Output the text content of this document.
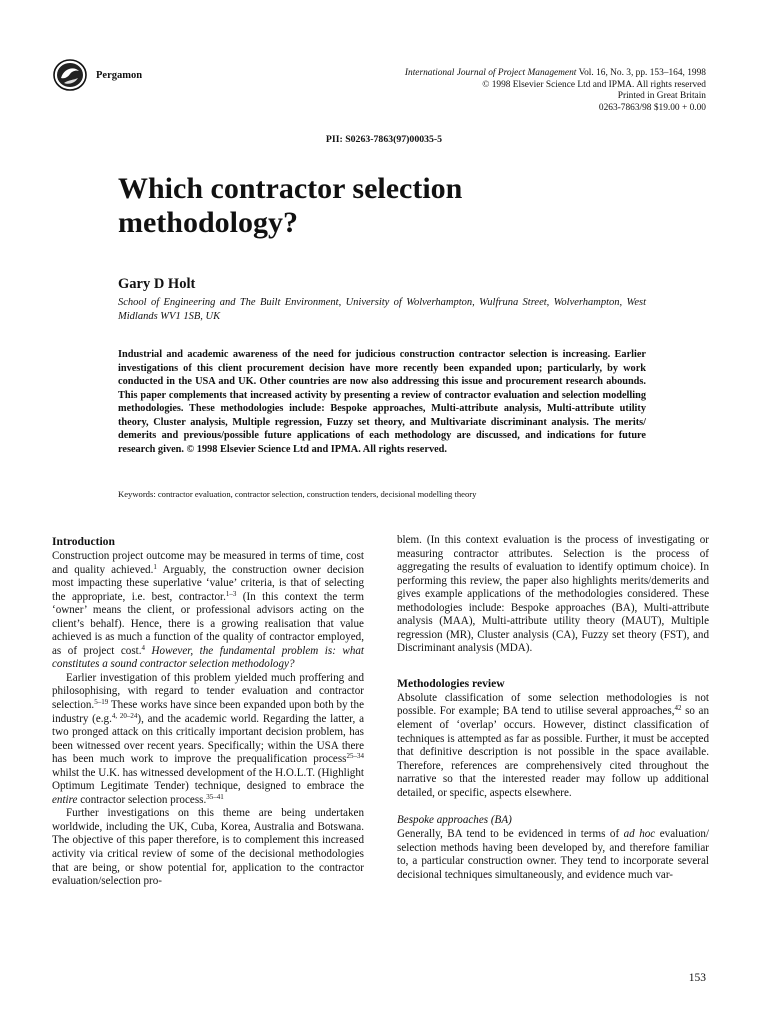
Pergamon	International Journal of Project Management Vol. 16, No. 3, pp. 153–164, 1998
© 1998 Elsevier Science Ltd and IPMA. All rights reserved
Printed in Great Britain
0263-7863/98 $19.00 + 0.00
PII: S0263-7863(97)00035-5
Which contractor selection
methodology?
Gary D Holt
School of Engineering and The Built Environment, University of Wolverhampton, Wulfruna Street, Wolverhampton, West Midlands WV1 1SB, UK

Industrial and academic awareness of the need for judicious construction contractor selection is increasing. Earlier investigations of this client procurement decision have more recently been expanded upon; particularly, by work conducted in the USA and UK. Other countries are now also addressing this issue and procurement research abounds. This paper complements that increased activity by presenting a review of contractor evaluation and selection modelling methodologies. These methodologies include: Bespoke approaches, Multi-attribute analysis, Multi-attribute utility theory, Cluster analysis, Multiple regression, Fuzzy set theory, and Multivariate discriminant analysis. The merits/ demerits and previous/possible future applications of each methodology are discussed, and indications for future research given. © 1998 Elsevier Science Ltd and IPMA. All rights reserved.

Keywords: contractor evaluation, contractor selection, construction tenders, decisional modelling theory
Introduction

Construction project outcome may be measured in terms of time, cost and quality achieved.$^1$ Arguably, the construction owner decision most impacting these superlative ‘value’ criteria, is that of selecting the appropriate, i.e. best, contractor.$^{1-3}$ (In this context the term ‘owner’ means the client, or professional advisors acting on the client’s behalf). Hence, there is a growing realisation that value achieved is as much a function of the quality of contractor employed, as of project cost.$^4$ However, the fundamental problem is: what constitutes a sound contractor selection methodology?

Earlier investigation of this problem yielded much proffering and philosophising, with regard to tender evaluation and contractor selection.$^{5-19}$ These works have since been expanded upon both by the industry (e.g.$^{4, 20-24}$), and the academic world. Regarding the latter, a two pronged attack on this critically important decision problem, has been witnessed over recent years. Specifically; within the USA there has been much work to improve the prequalification process$^{25-34}$ whilst the U.K. has witnessed development of the H.O.L.T. (Highlight Optimum Legitimate Tender) technique, designed to embrace the entire contractor selection process.$^{35-41}$

Further investigations on this theme are being undertaken worldwide, including the UK, Cuba, Korea, Australia and Botswana. The objective of this paper therefore, is to complement this increased activity via critical review of some of the decisional methodologies that are being, or show potential for, application to the contractor evaluation/selection pro-

blem. (In this context evaluation is the process of investigating or measuring contractor attributes. Selection is the process of aggregating the results of evaluation to identify optimum choice). In performing this review, the paper also highlights merits/demerits and gives example applications of the methodologies considered. These methodologies include: Bespoke approaches (BA), Multi-attribute analysis (MAA), Multi-attribute utility theory (MAUT), Multiple regression (MR), Cluster analysis (CA), Fuzzy set theory (FST), and Discriminant analysis (MDA).

Methodologies review

Absolute classification of some selection methodologies is not possible. For example; BA tend to utilise several approaches,$^{42}$ so an element of ‘overlap’ occurs. However, distinct classification of techniques is attempted as far as possible. Further, it must be accepted that definitive description is not possible in the space available. Therefore, references are comprehensively cited throughout the narrative so that the interested reader may follow up additional detailed, or specific, aspects elsewhere.

Bespoke approaches (BA)

Generally, BA tend to be evidenced in terms of ad hoc evaluation/ selection methods having been developed by, and therefore familiar to, a particular construction owner. They tend to incorporate several decisional techniques simultaneously, and evidence much var-

153
